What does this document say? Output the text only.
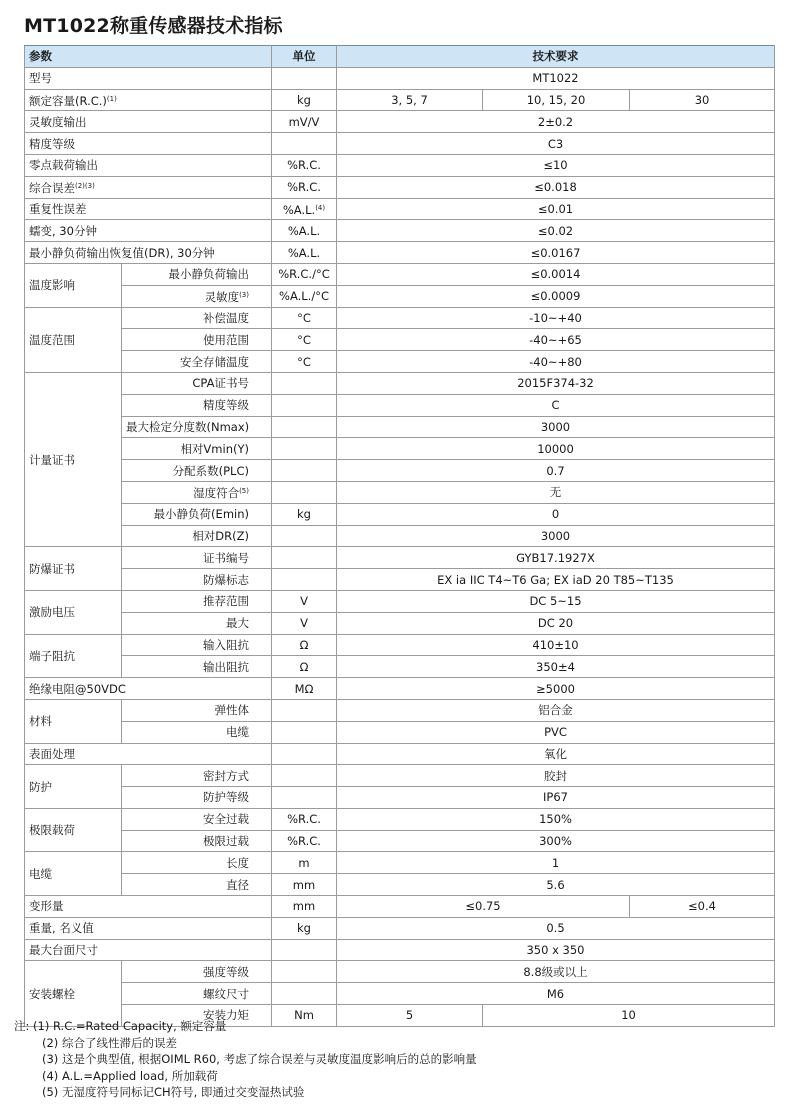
MT1022称重传感器技术指标
参数		单位	技术要求		
型号			MT1022		
额定容量$(R.C.)^{(1)}$		kg	3, 5, 7	10, 15, 20	30
灵敏度输出		mV/V	2±0.2		
精度等级			C3		
零点载荷输出		%R.C.	≤10		
综合误差$^{(2)(3)}$		%R.C.	≤0.018		
重复性误差		%A.L.$^{(4)}$	≤0.01		
蠕变, 30分钟		%A.L.	≤0.02		
最小静负荷输出恢复值(DR), 30分钟		%A.L.	≤0.0167		
温度影响	最小静负荷输出	%R.C./°C	≤0.0014		
	灵敏度$^{(3)}$	%A.L./°C	≤0.0009		
温度范围	补偿温度	°C	-10~+40		
	使用范围	°C	-40~+65		
	安全存储温度	°C	-40~+80		
计量证书	CPA证书号		2015F374-32		
	精度等级		C		
	最大检定分度数(Nmax)		3000		
	相对Vmin(Y)		10000		
	分配系数(PLC)		0.7		
	湿度符合$^{(5)}$		无		
	最小静负荷(Emin)	kg	0		
	相对DR(Z)		3000		
防爆证书	证书编号		GYB17.1927X		
	防爆标志		EX ia IIC T4~T6 Ga; EX iaD 20 T85~T135		
激励电压	推荐范围	V	DC 5~15		
	最大	V	DC 20		
端子阻抗	输入阻抗	Ω	410±10		
	输出阻抗	Ω	350±4		
绝缘电阻@50VDC		MΩ	≥5000		
材料	弹性体		铝合金		
	电缆		PVC		
表面处理			氧化		
防护	密封方式		胶封		
	防护等级		IP67		
极限载荷	安全过载	%R.C.	150%		
	极限过载	%R.C.	300%		
电缆	长度	m	1		
	直径	mm	5.6		
变形量		mm	≤0.75		≤0.4
重量, 名义值		kg	0.5		
最大台面尺寸			350 x 350		
安装螺栓	强度等级		8.8级或以上		
	螺纹尺寸		M6		
	安装力矩	Nm	5	10	
注: (1) R.C.=Rated Capacity, 额定容量
(2) 综合了线性滞后的误差
(3) 这是个典型值, 根据OIML R60, 考虑了综合误差与灵敏度温度影响后的总的影响量
(4) A.L.=Applied load, 所加载荷
(5) 无湿度符号同标记CH符号, 即通过交变湿热试验
